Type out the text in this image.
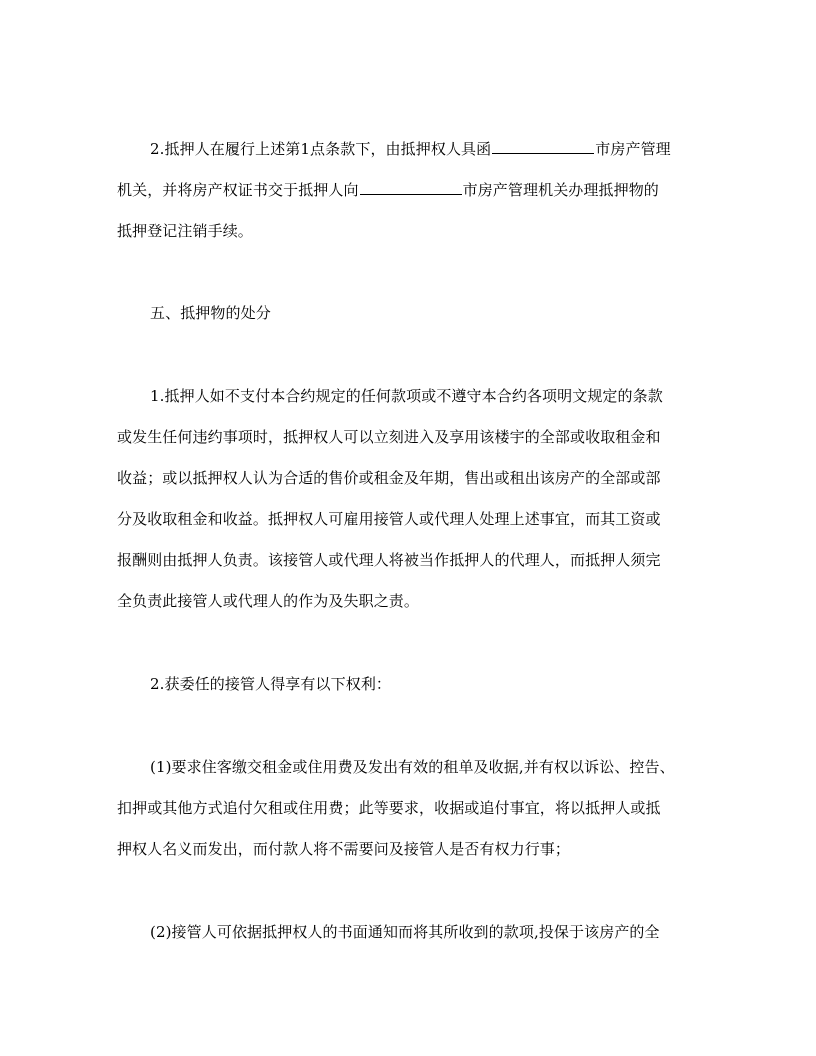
2.抵押人在履行上述第1点条款下，由抵押权人具函	市房产管理
机关，并将房产权证书交于抵押人向	市房产管理机关办理抵押物的
抵押登记注销手续。
五、抵押物的处分
1.抵押人如不支付本合约规定的任何款项或不遵守本合约各项明文规定的条款
或发生任何违约事项时，抵押权人可以立刻进入及享用该楼宇的全部或收取租金和
收益；或以抵押权人认为合适的售价或租金及年期，售出或租出该房产的全部或部
分及收取租金和收益。抵押权人可雇用接管人或代理人处理上述事宜，而其工资或
报酬则由抵押人负责。该接管人或代理人将被当作抵押人的代理人，而抵押人须完
全负责此接管人或代理人的作为及失职之责。
2.获委任的接管人得享有以下权利：
(1)要求住客缴交租金或住用费及发出有效的租单及收据,并有权以诉讼、控告、
扣押或其他方式追付欠租或住用费；此等要求，收据或追付事宜，将以抵押人或抵
押权人名义而发出，而付款人将不需要问及接管人是否有权力行事；
(2)接管人可依据抵押权人的书面通知而将其所收到的款项,投保于该房产的全
